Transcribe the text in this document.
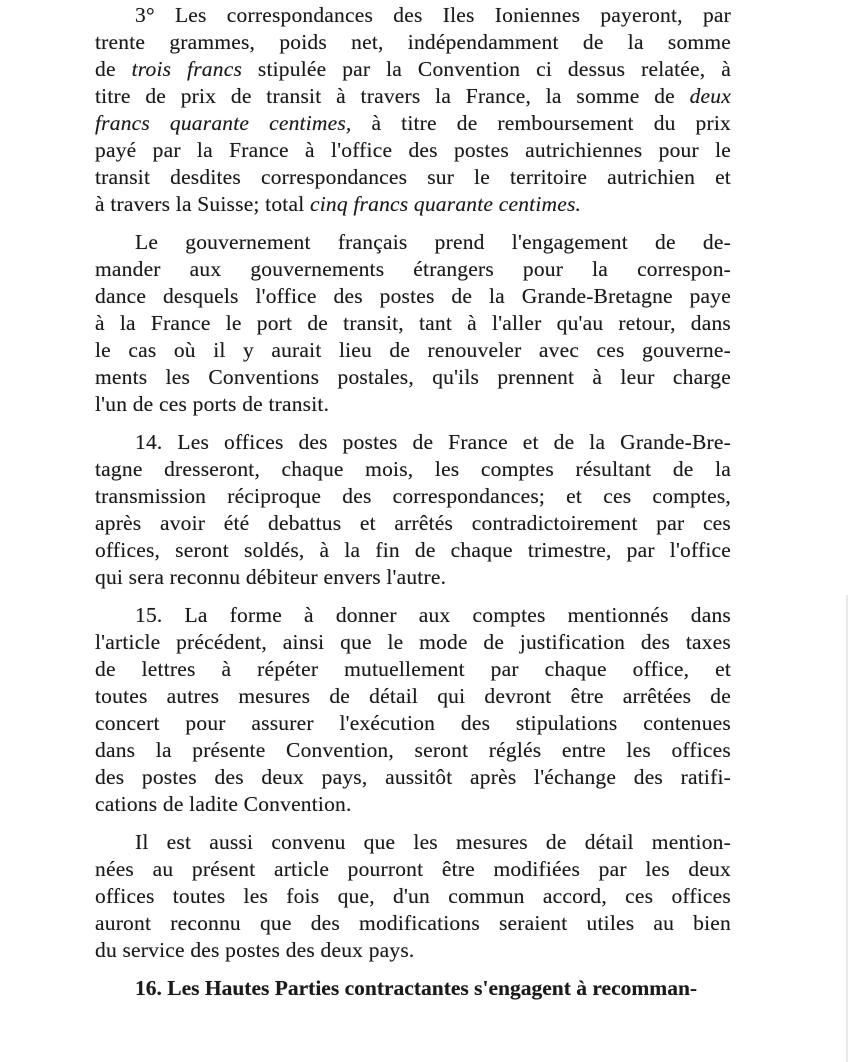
3° Les correspondances des Iles Ioniennes payeront, par
trente grammes, poids net, indépendamment de la somme
de trois francs stipulée par la Convention ci dessus relatée, à
titre de prix de transit à travers la France, la somme de deux
francs quarante centimes, à titre de remboursement du prix
payé par la France à l'office des postes autrichiennes pour le
transit desdites correspondances sur le territoire autrichien et
à travers la Suisse; total cinq francs quarante centimes.
Le gouvernement français prend l'engagement de de-
mander aux gouvernements étrangers pour la correspon-
dance desquels l'office des postes de la Grande-Bretagne paye
à la France le port de transit, tant à l'aller qu'au retour, dans
le cas où il y aurait lieu de renouveler avec ces gouverne-
ments les Conventions postales, qu'ils prennent à leur charge
l'un de ces ports de transit.
14. Les offices des postes de France et de la Grande-Bre-
tagne dresseront, chaque mois, les comptes résultant de la
transmission réciproque des correspondances; et ces comptes,
après avoir été debattus et arrêtés contradictoirement par ces
offices, seront soldés, à la fin de chaque trimestre, par l'office
qui sera reconnu débiteur envers l'autre.
15. La forme à donner aux comptes mentionnés dans
l'article précédent, ainsi que le mode de justification des taxes
de lettres à répéter mutuellement par chaque office, et
toutes autres mesures de détail qui devront être arrêtées de
concert pour assurer l'exécution des stipulations contenues
dans la présente Convention, seront réglés entre les offices
des postes des deux pays, aussitôt après l'échange des ratifi-
cations de ladite Convention.
Il est aussi convenu que les mesures de détail mention-
nées au présent article pourront être modifiées par les deux
offices toutes les fois que, d'un commun accord, ces offices
auront reconnu que des modifications seraient utiles au bien
du service des postes des deux pays.
16. Les Hautes Parties contractantes s'engagent à recomman-
